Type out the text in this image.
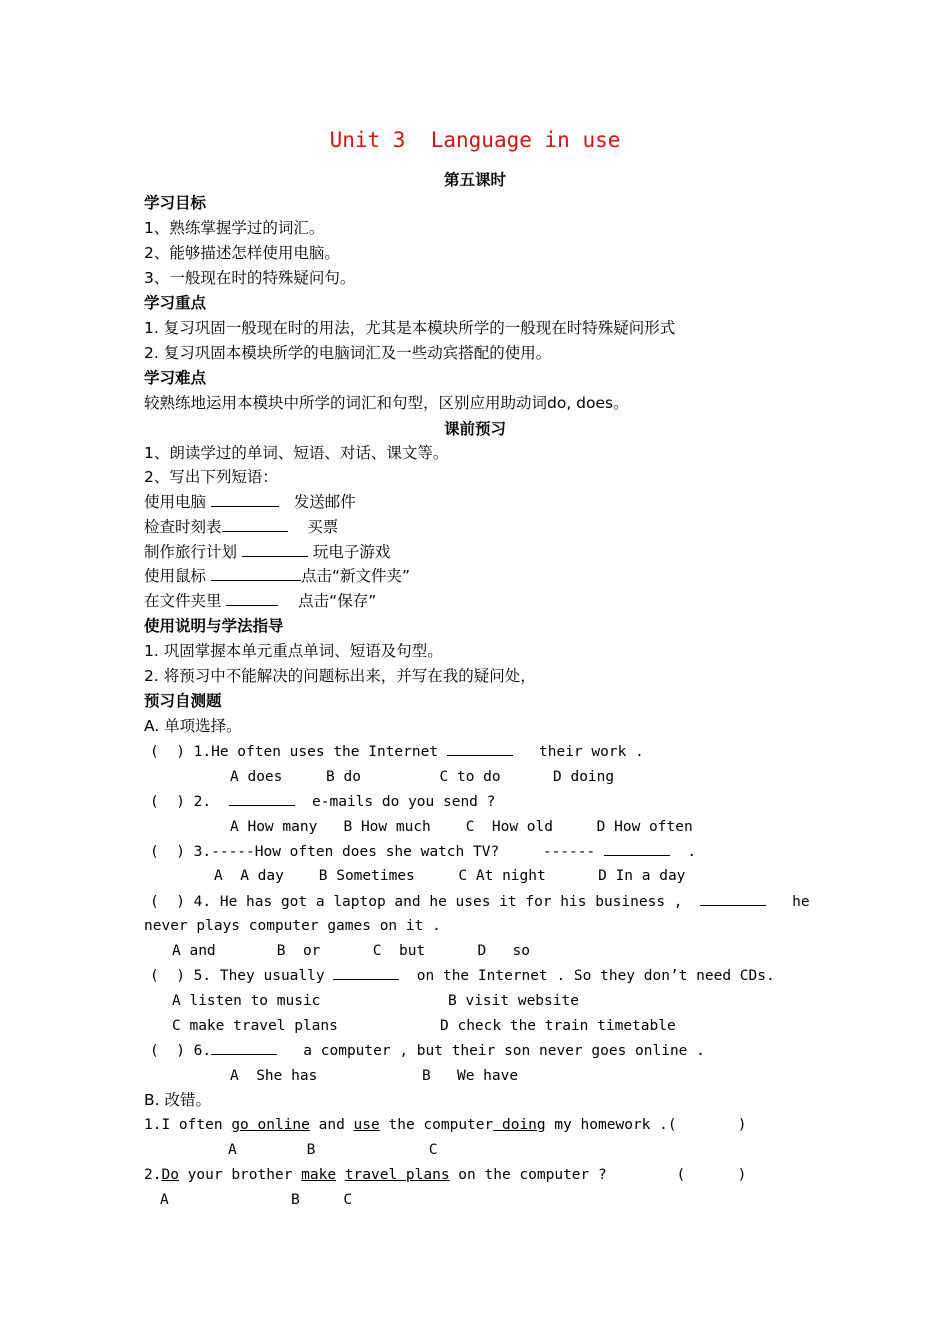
Unit 3  Language in use
第五课时
学习目标
1、熟练掌握学过的词汇。
2、能够描述怎样使用电脑。
3、一般现在时的特殊疑问句。
学习重点
1. 复习巩固一般现在时的用法，尤其是本模块所学的一般现在时特殊疑问形式
2. 复习巩固本模块所学的电脑词汇及一些动宾搭配的使用。
学习难点
较熟练地运用本模块中所学的词汇和句型，区别应用助动词do, does。
课前预习
1、朗读学过的单词、短语、对话、课文等。
2、写出下列短语：
使用电脑	发送邮件
检查时刻表	买票
制作旅行计划	玩电子游戏
使用鼠标	点击“新文件夹”
在文件夹里	点击“保存”
使用说明与学法指导
1. 巩固掌握本单元重点单词、短语及句型。
2. 将预习中不能解决的问题标出来，并写在我的疑问处，
预习自测题
A. 单项选择。
(  ) 1.He often uses the Internet	their work .
A does     B do         C to do      D doing
(  ) 2.	e-mails do you send ?
A How many   B How much    C  How old     D How often
(  ) 3.-----How often does she watch TV?     ------	.
A  A day    B Sometimes     C At night      D In a day
(  ) 4. He has got a laptop and he uses it for his business ,	he
never plays computer games on it .
A and       B  or      C  but      D   so
(  ) 5. They usually	on the Internet . So they don’t need CDs.
A listen to music	B visit website
C make travel plans	D check the train timetable
(  ) 6.	a computer , but their son never goes online .
A  She has            B   We have
B. 改错。
1.I often go online and use the computer doing my homework .(       )
A        B             C
2.Do your brother make travel plans on the computer ?        (      )
A              B     C
